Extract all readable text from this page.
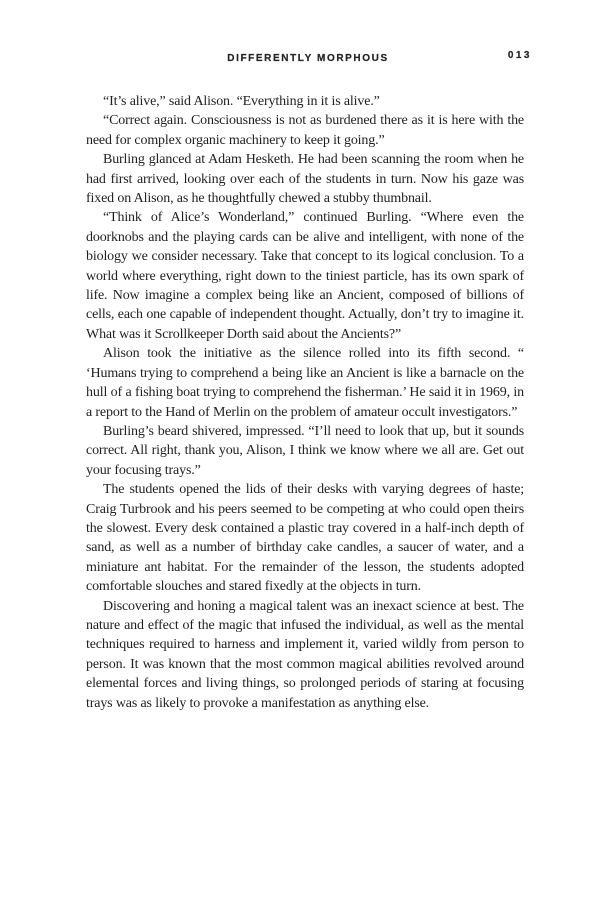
DIFFERENTLY MORPHOUS	013

“It’s alive,” said Alison. “Everything in it is alive.”

“Correct again. Consciousness is not as burdened there as it is here with the need for complex organic machinery to keep it going.”

Burling glanced at Adam Hesketh. He had been scanning the room when he had first arrived, looking over each of the students in turn. Now his gaze was fixed on Alison, as he thoughtfully chewed a stubby thumbnail.

“Think of Alice’s Wonderland,” continued Burling. “Where even the doorknobs and the playing cards can be alive and intelligent, with none of the biology we consider necessary. Take that concept to its logical conclusion. To a world where everything, right down to the tiniest particle, has its own spark of life. Now imagine a complex being like an Ancient, composed of billions of cells, each one capable of independent thought. Actually, don’t try to imagine it. What was it Scrollkeeper Dorth said about the Ancients?”

Alison took the initiative as the silence rolled into its fifth second. “ ‘Humans trying to comprehend a being like an Ancient is like a barnacle on the hull of a fishing boat trying to comprehend the fisherman.’ He said it in 1969, in a report to the Hand of Merlin on the problem of amateur occult investigators.”

Burling’s beard shivered, impressed. “I’ll need to look that up, but it sounds correct. All right, thank you, Alison, I think we know where we all are. Get out your focusing trays.”

The students opened the lids of their desks with varying degrees of haste; Craig Turbrook and his peers seemed to be competing at who could open theirs the slowest. Every desk contained a plastic tray covered in a half-inch depth of sand, as well as a number of birthday cake candles, a saucer of water, and a miniature ant habitat. For the remainder of the lesson, the students adopted comfortable slouches and stared fixedly at the objects in turn.

Discovering and honing a magical talent was an inexact science at best. The nature and effect of the magic that infused the individual, as well as the mental techniques required to harness and implement it, varied wildly from person to person. It was known that the most common magical abilities revolved around elemental forces and living things, so prolonged periods of staring at focusing trays was as likely to provoke a manifestation as anything else.
